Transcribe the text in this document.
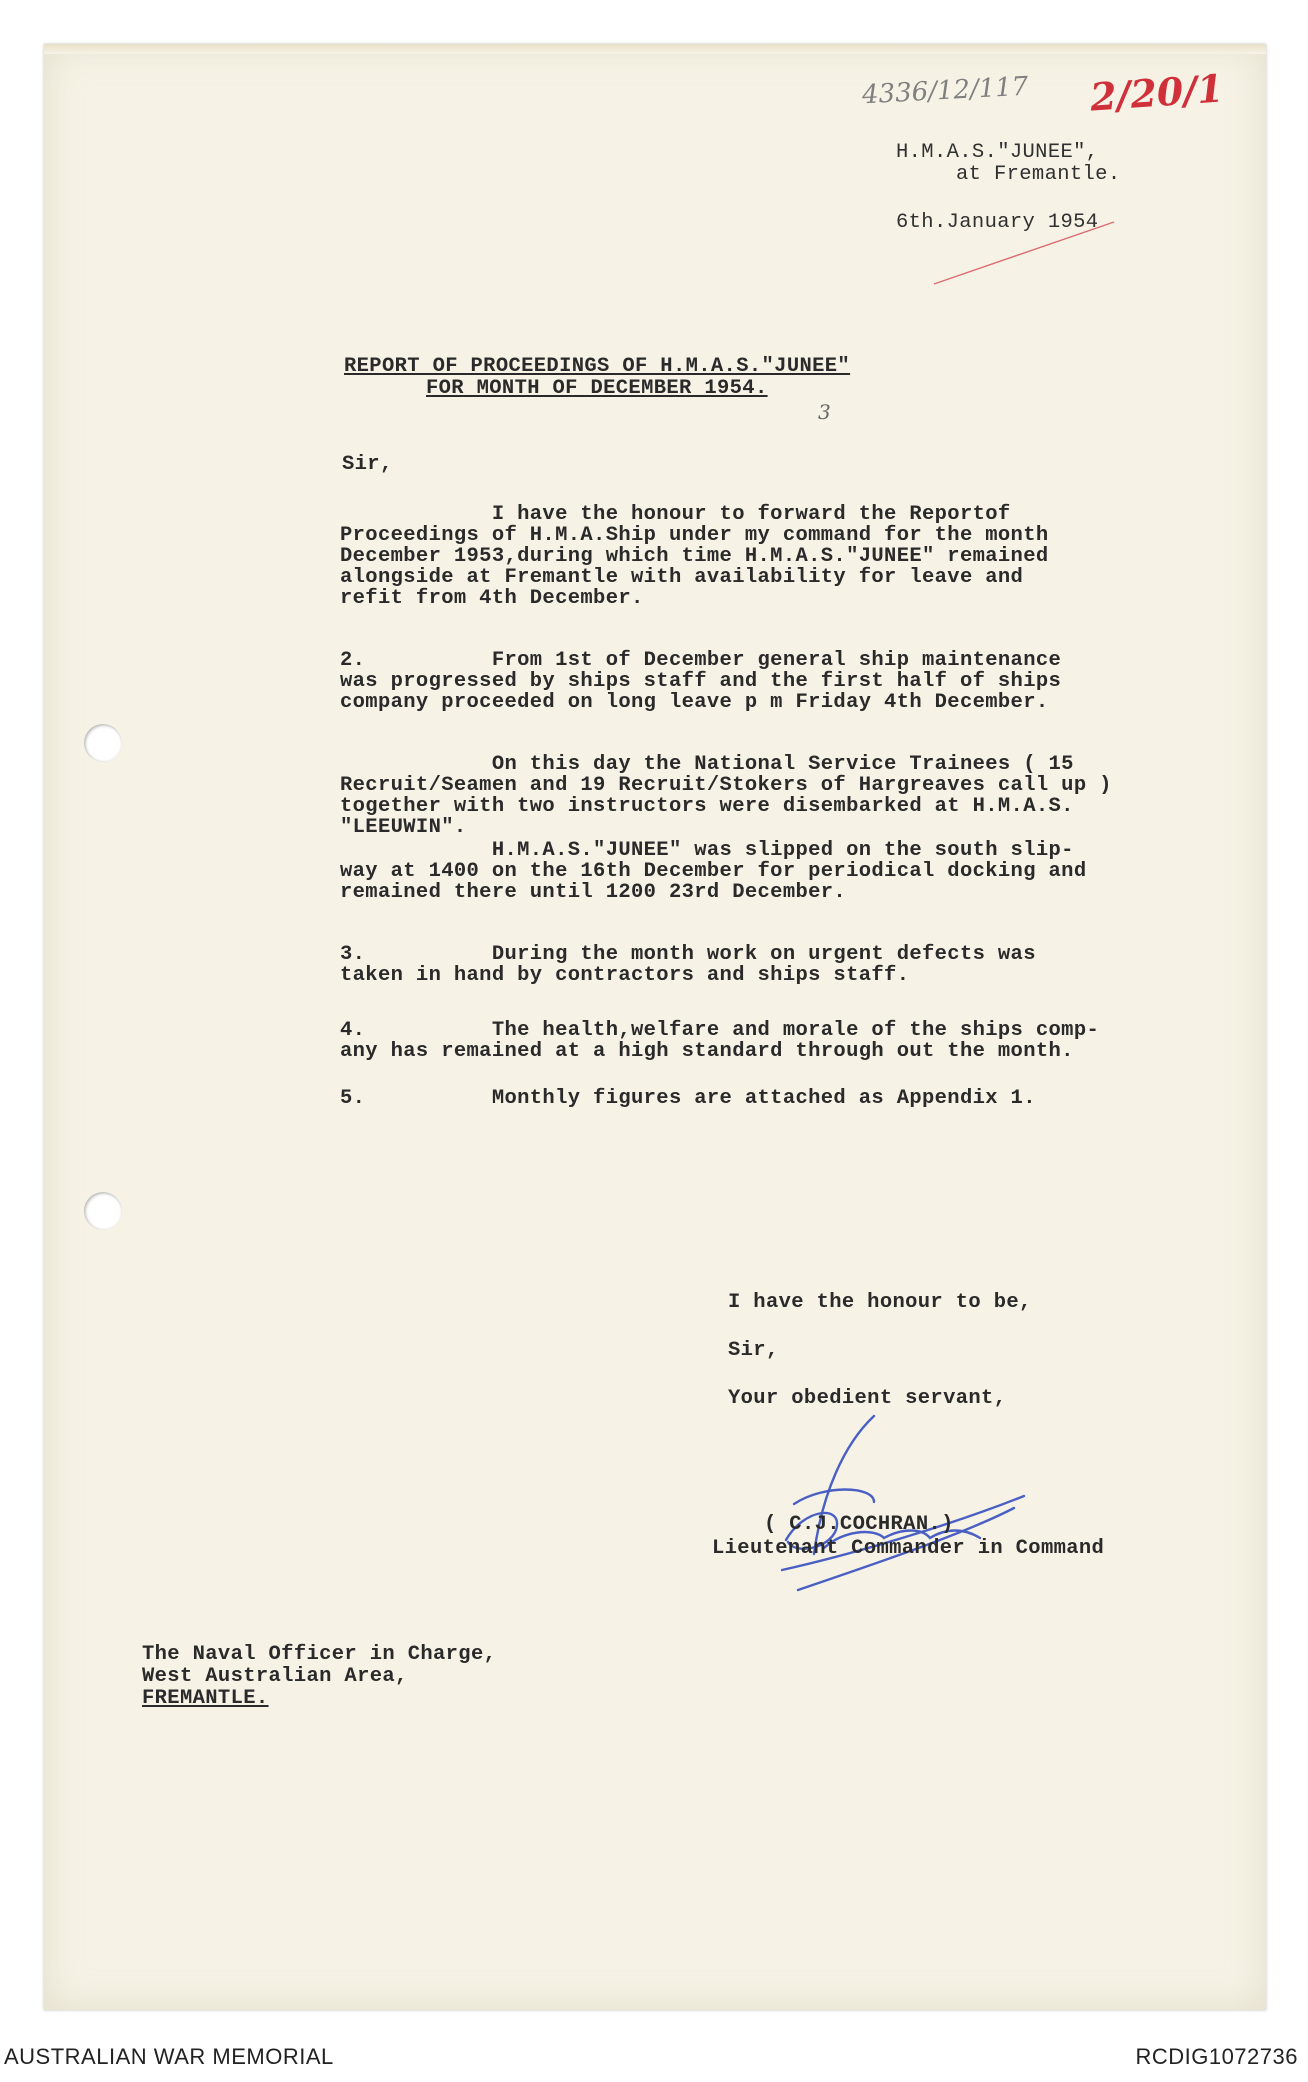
4336/12/117 2/20/1
H.M.A.S."JUNEE",
at Fremantle.
6th.January 1954
REPORT OF PROCEEDINGS OF H.M.A.S."JUNEE"
FOR MONTH OF DECEMBER 1954.
3
Sir,
I have the honour to forward the Reportof
Proceedings of H.M.A.Ship under my command for the month
December 1953,during which time H.M.A.S."JUNEE" remained
alongside at Fremantle with availability for leave and
refit from 4th December.
2.          From 1st of December general ship maintenance
was progressed by ships staff and the first half of ships
company proceeded on long leave p m Friday 4th December.
On this day the National Service Trainees ( 15
Recruit/Seamen and 19 Recruit/Stokers of Hargreaves call up )
together with two instructors were disembarked at H.M.A.S.
"LEEUWIN".
H.M.A.S."JUNEE" was slipped on the south slip-
way at 1400 on the 16th December for periodical docking and
remained there until 1200 23rd December.
3.          During the month work on urgent defects was
taken in hand by contractors and ships staff.
4.          The health,welfare and morale of the ships comp-
any has remained at a high standard through out the month.
5.          Monthly figures are attached as Appendix 1.
I have the honour to be,
Sir,
Your obedient servant,
( C.J.COCHRAN.)
Lieutenant Commander in Command
The Naval Officer in Charge,
West Australian Area,
FREMANTLE.
AUSTRALIAN WAR MEMORIAL	RCDIG1072736
